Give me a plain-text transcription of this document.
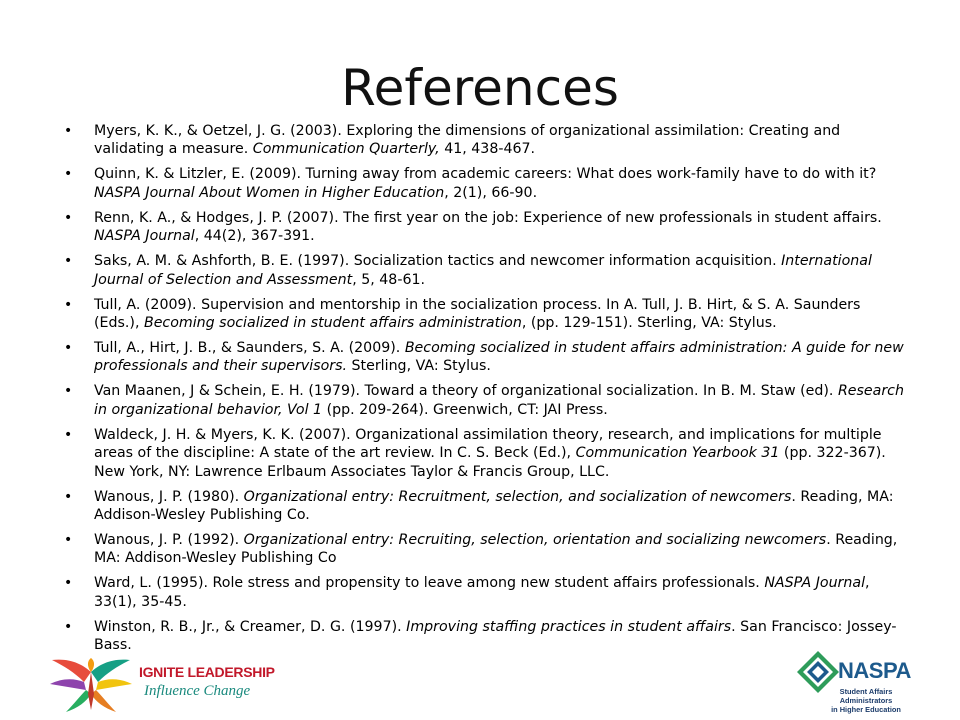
References
• Myers, K. K., & Oetzel, J. G. (2003). Exploring the dimensions of organizational assimilation: Creating and validating a measure. Communication Quarterly, 41, 438-467.
• Quinn, K. & Litzler, E. (2009). Turning away from academic careers: What does work-family have to do with it? NASPA Journal About Women in Higher Education, 2(1), 66-90.
• Renn, K. A., & Hodges, J. P. (2007). The first year on the job: Experience of new professionals in student affairs. NASPA Journal, 44(2), 367-391.
• Saks, A. M. & Ashforth, B. E. (1997). Socialization tactics and newcomer information acquisition. International Journal of Selection and Assessment, 5, 48-61.
• Tull, A. (2009). Supervision and mentorship in the socialization process. In A. Tull, J. B. Hirt, & S. A. Saunders (Eds.), Becoming socialized in student affairs administration, (pp. 129-151). Sterling, VA: Stylus.
• Tull, A., Hirt, J. B., & Saunders, S. A. (2009). Becoming socialized in student affairs administration: A guide for new professionals and their supervisors. Sterling, VA: Stylus.
• Van Maanen, J & Schein, E. H. (1979). Toward a theory of organizational socialization. In B. M. Staw (ed). Research in organizational behavior, Vol 1 (pp. 209-264). Greenwich, CT: JAI Press.
• Waldeck, J. H. & Myers, K. K. (2007). Organizational assimilation theory, research, and implications for multiple areas of the discipline: A state of the art review. In C. S. Beck (Ed.), Communication Yearbook 31 (pp. 322-367). New York, NY: Lawrence Erlbaum Associates Taylor & Francis Group, LLC.
• Wanous, J. P. (1980). Organizational entry: Recruitment, selection, and socialization of newcomers. Reading, MA: Addison-Wesley Publishing Co.
• Wanous, J. P. (1992). Organizational entry: Recruiting, selection, orientation and socializing newcomers. Reading, MA: Addison-Wesley Publishing Co
• Ward, L. (1995). Role stress and propensity to leave among new student affairs professionals. NASPA Journal, 33(1), 35-45.
• Winston, R. B., Jr., & Creamer, D. G. (1997). Improving staffing practices in student affairs. San Francisco: Jossey-Bass.
IGNITE LEADERSHIP
Influence Change
NASPA
Student Affairs Administrators
in Higher Education
